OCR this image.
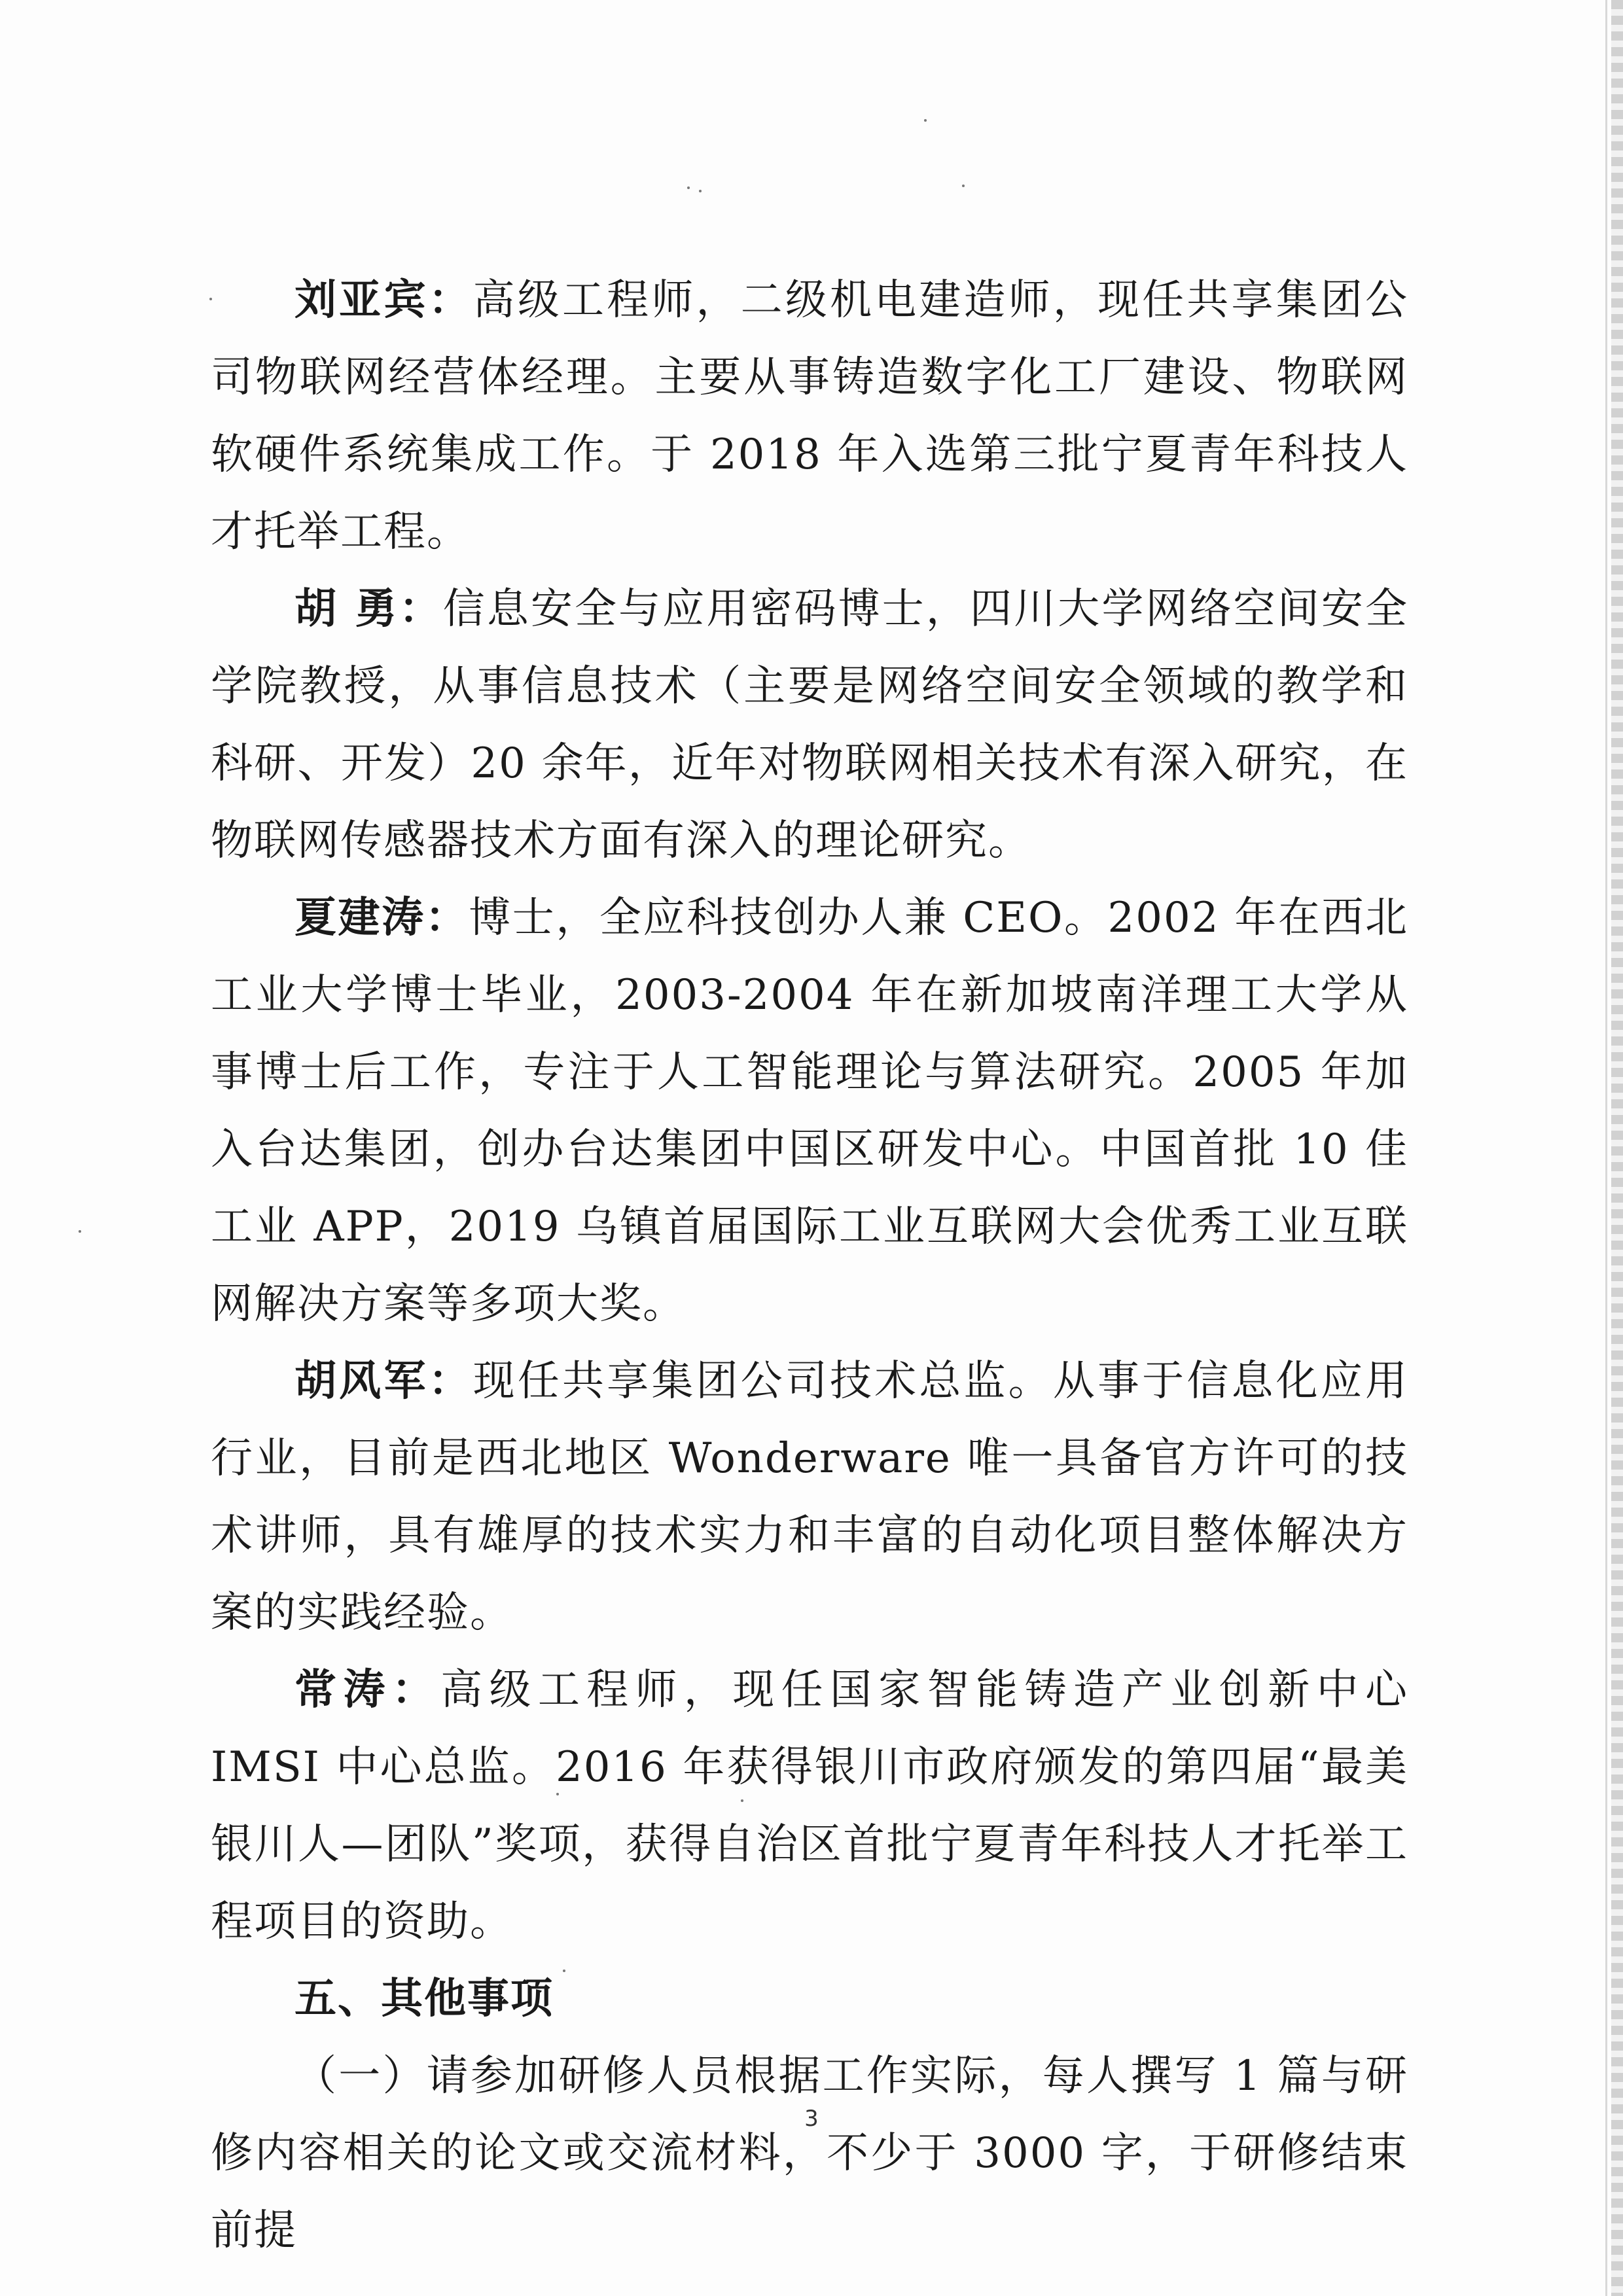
刘亚宾：高级工程师，二级机电建造师，现任共享集团公司物联网经营体经理。主要从事铸造数字化工厂建设、物联网软硬件系统集成工作。于 2018 年入选第三批宁夏青年科技人才托举工程。

胡 勇：信息安全与应用密码博士，四川大学网络空间安全学院教授，从事信息技术（主要是网络空间安全领域的教学和科研、开发）20 余年，近年对物联网相关技术有深入研究，在物联网传感器技术方面有深入的理论研究。

夏建涛：博士，全应科技创办人兼 CEO。2002 年在西北工业大学博士毕业，2003-2004 年在新加坡南洋理工大学从事博士后工作，专注于人工智能理论与算法研究。2005 年加入台达集团，创办台达集团中国区研发中心。中国首批 10 佳工业 APP，2019 乌镇首届国际工业互联网大会优秀工业互联网解决方案等多项大奖。

胡风军：现任共享集团公司技术总监。从事于信息化应用行业，目前是西北地区 Wonderware 唯一具备官方许可的技术讲师，具有雄厚的技术实力和丰富的自动化项目整体解决方案的实践经验。

常涛：高级工程师，现任国家智能铸造产业创新中心 IMSI 中心总监。2016 年获得银川市政府颁发的第四届“最美银川人—团队”奖项，获得自治区首批宁夏青年科技人才托举工程项目的资助。

五、其他事项

（一）请参加研修人员根据工作实际，每人撰写 1 篇与研修内容相关的论文或交流材料，不少于 3000 字，于研修结束前提

3
